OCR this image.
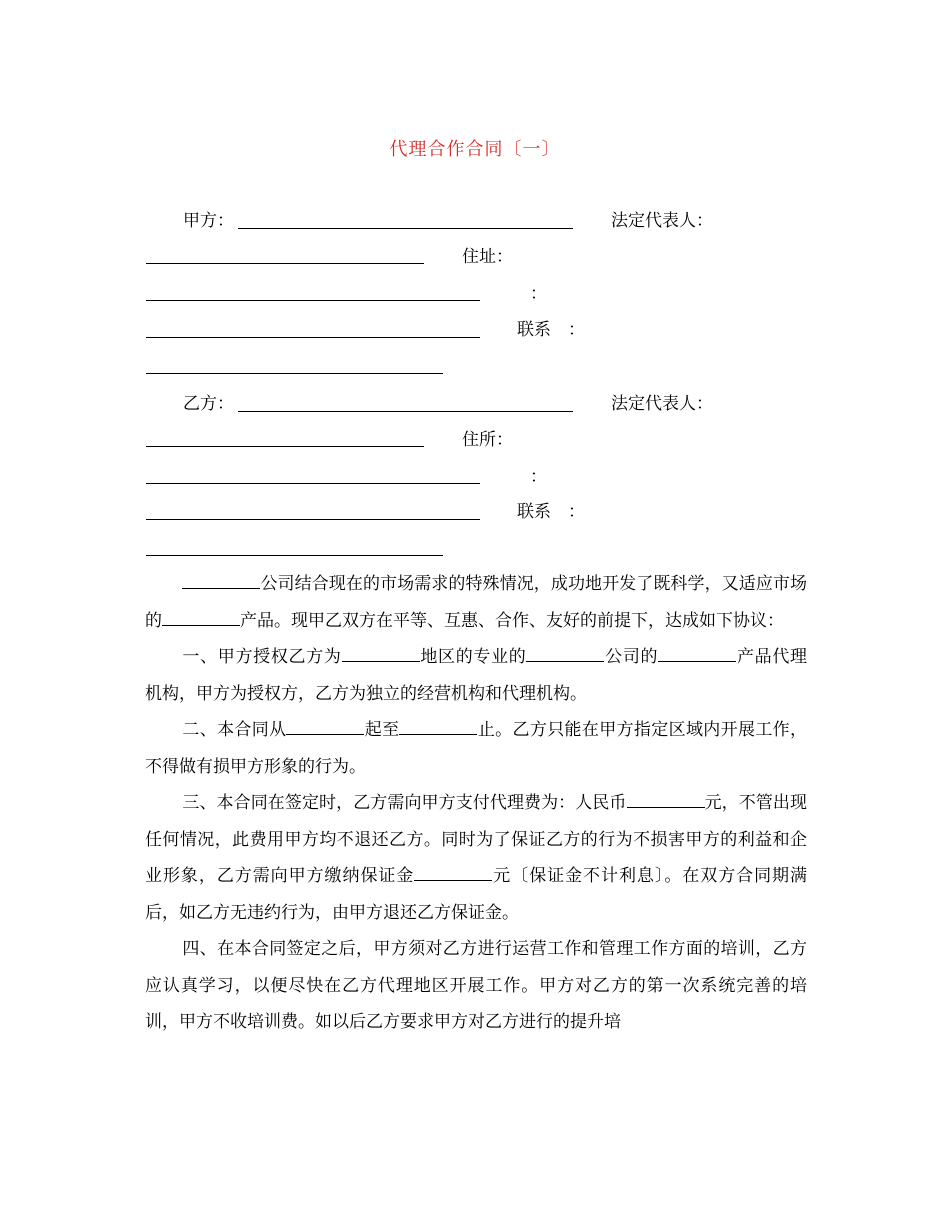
代理合作合同〔一〕
甲方：	法定代表人：
住址：
：
联系　：
乙方：	法定代表人：
住所：
：
联系　：

公司结合现在的市场需求的特殊情况，成功地开发了既科学，又适应市场的	产品。现甲乙双方在平等、互惠、合作、友好的前提下，达成如下协议：

一、甲方授权乙方为	地区的专业的	公司的	产品代理机构，甲方为授权方，乙方为独立的经营机构和代理机构。

二、本合同从	起至	止。乙方只能在甲方指定区域内开展工作，不得做有损甲方形象的行为。

三、本合同在签定时，乙方需向甲方支付代理费为：人民币	元，不管出现任何情况，此费用甲方均不退还乙方。同时为了保证乙方的行为不损害甲方的利益和企业形象，乙方需向甲方缴纳保证金	元〔保证金不计利息〕。在双方合同期满后，如乙方无违约行为，由甲方退还乙方保证金。

四、在本合同签定之后，甲方须对乙方进行运营工作和管理工作方面的培训，乙方应认真学习，以便尽快在乙方代理地区开展工作。甲方对乙方的第一次系统完善的培训，甲方不收培训费。如以后乙方要求甲方对乙方进行的提升培
